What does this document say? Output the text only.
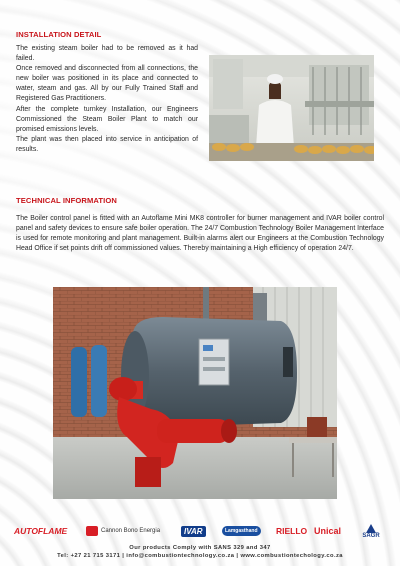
INSTALLATION DETAIL

The existing steam boiler had to be removed as it had failed.

Once removed and disconnected from all connections, the new boiler was positioned in its place and connected to water, steam and gas. All by our Fully Trained Staff and Registered Gas Practitioners.

After the complete turnkey Installation, our Engineers Commissioned the Steam Boiler Plant to match our promised emissions levels.

The plant was then placed into service in anticipation of results.

TECHNICAL INFORMATION

The Boiler control panel is fitted with an Autoflame Mini MK8 controller for burner management and IVAR boiler control panel and safety devices to ensure safe boiler operation. The 24/7 Combustion Technology Boiler Management Interface is used for remote monitoring and plant management. Built-in alarms alert our Engineers at the Combustion Technology Head Office if set points drift off commissioned values. Thereby maintaining a High efficiency of operation 24/7.

AUTOFLAME	Cannon Bono Energia	IVAR	Lamgasthand	RIELLO Unical	SAGR
Our products Comply with SANS 329 and 347
Tel: +27 21 715 3171 | info@combustiontechnology.co.za | www.combustiontechology.co.za
